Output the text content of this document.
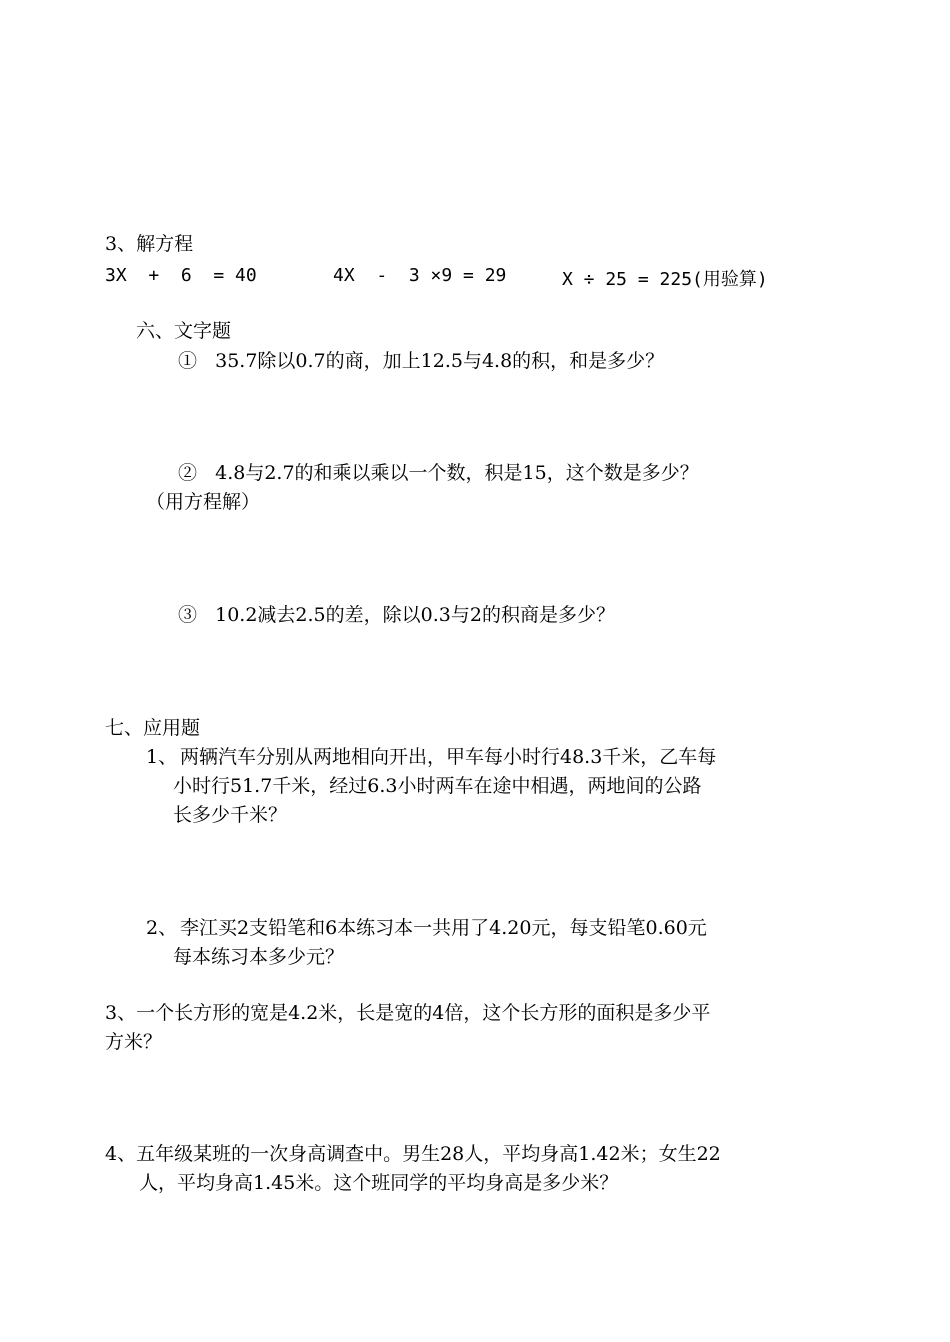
3、解方程
3X  +  6  = 40	4X  -  3 ×9 = 29	X ÷ 25 = 225(用验算)
六、文字题
①   35.7除以0.7的商，加上12.5与4.8的积，和是多少？
②   4.8与2.7的和乘以乘以一个数，积是15，这个数是多少？
（用方程解）
③   10.2减去2.5的差，除以0.3与2的积商是多少？
七、应用题
1、 两辆汽车分别从两地相向开出，甲车每小时行48.3千米，乙车每
小时行51.7千米，经过6.3小时两车在途中相遇，两地间的公路
长多少千米？
2、 李江买2支铅笔和6本练习本一共用了4.20元，每支铅笔0.60元
每本练习本多少元？
3、一个长方形的宽是4.2米，长是宽的4倍，这个长方形的面积是多少平
方米？
4、五年级某班的一次身高调查中。男生28人，平均身高1.42米；女生22
人，平均身高1.45米。这个班同学的平均身高是多少米？
